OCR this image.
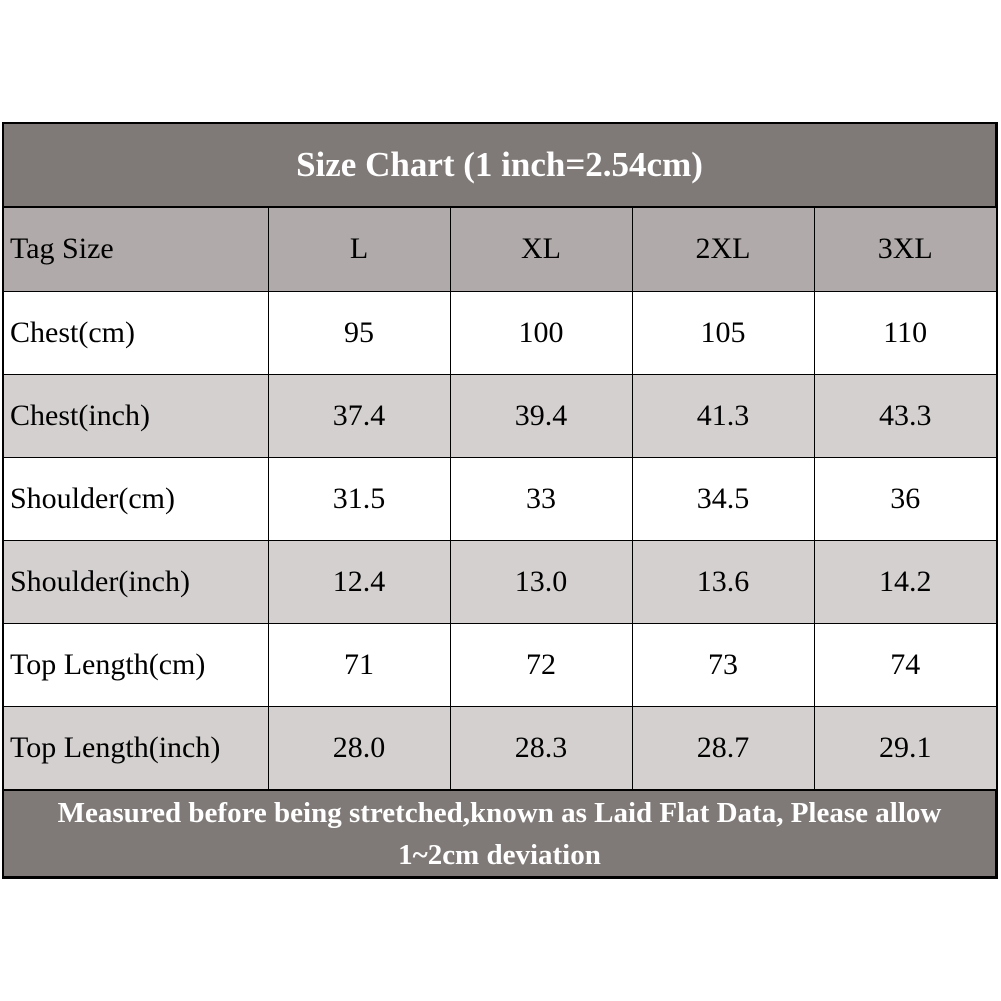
Size Chart (1 inch=2.54cm)
Tag Size	L	XL	2XL	3XL
Chest(cm)	95	100	105	110
Chest(inch)	37.4	39.4	41.3	43.3
Shoulder(cm)	31.5	33	34.5	36
Shoulder(inch)	12.4	13.0	13.6	14.2
Top Length(cm)	71	72	73	74
Top Length(inch)	28.0	28.3	28.7	29.1
Measured before being stretched,known as Laid Flat Data, Please allow 1~2cm deviation
